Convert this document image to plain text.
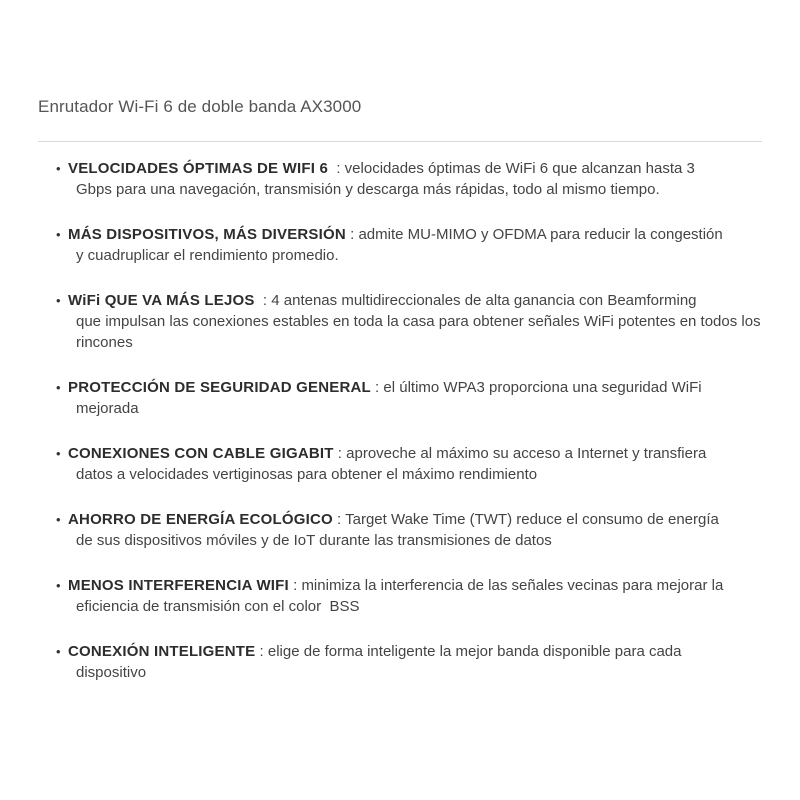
Enrutador Wi-Fi 6 de doble banda AX3000
• VELOCIDADES ÓPTIMAS DE WIFI 6  : velocidades óptimas de WiFi 6 que alcanzan hasta 3
Gbps para una navegación, transmisión y descarga más rápidas, todo al mismo tiempo.
• MÁS DISPOSITIVOS, MÁS DIVERSIÓN : admite MU-MIMO y OFDMA para reducir la congestión
y cuadruplicar el rendimiento promedio.
• WiFi QUE VA MÁS LEJOS  : 4 antenas multidireccionales de alta ganancia con Beamforming
que impulsan las conexiones estables en toda la casa para obtener señales WiFi potentes en todos los rincones
• PROTECCIÓN DE SEGURIDAD GENERAL : el último WPA3 proporciona una seguridad WiFi
mejorada
• CONEXIONES CON CABLE GIGABIT : aproveche al máximo su acceso a Internet y transfiera
datos a velocidades vertiginosas para obtener el máximo rendimiento
• AHORRO DE ENERGÍA ECOLÓGICO : Target Wake Time (TWT) reduce el consumo de energía
de sus dispositivos móviles y de IoT durante las transmisiones de datos
• MENOS INTERFERENCIA WIFI : minimiza la interferencia de las señales vecinas para mejorar la
eficiencia de transmisión con el color  BSS
• CONEXIÓN INTELIGENTE : elige de forma inteligente la mejor banda disponible para cada
dispositivo
